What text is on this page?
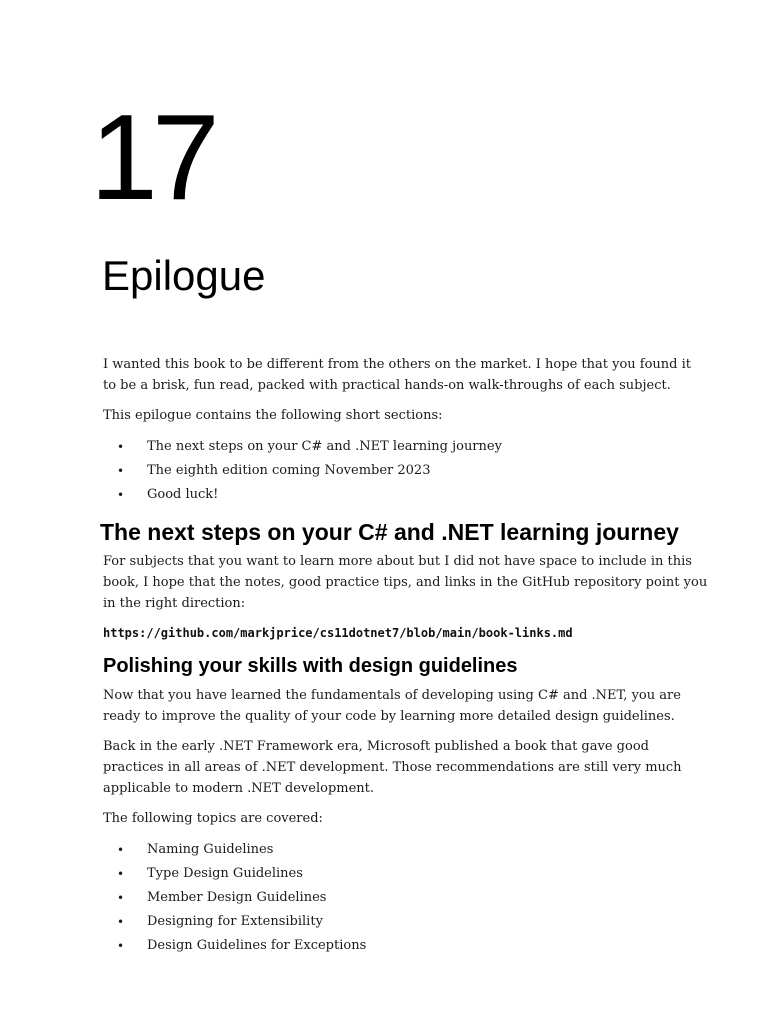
17
Epilogue

I wanted this book to be different from the others on the market. I hope that you found it to be a brisk, fun read, packed with practical hands-on walk-throughs of each subject.

This epilogue contains the following short sections:

• The next steps on your C# and .NET learning journey
• The eighth edition coming November 2023
• Good luck!
The next steps on your C# and .NET learning journey

For subjects that you want to learn more about but I did not have space to include in this book, I hope that the notes, good practice tips, and links in the GitHub repository point you in the right direction:

https://github.com/markjprice/cs11dotnet7/blob/main/book-links.md
Polishing your skills with design guidelines

Now that you have learned the fundamentals of developing using C# and .NET, you are ready to improve the quality of your code by learning more detailed design guidelines.

Back in the early .NET Framework era, Microsoft published a book that gave good practices in all areas of .NET development. Those recommendations are still very much applicable to modern .NET development.

The following topics are covered:

• Naming Guidelines
• Type Design Guidelines
• Member Design Guidelines
• Designing for Extensibility
• Design Guidelines for Exceptions
